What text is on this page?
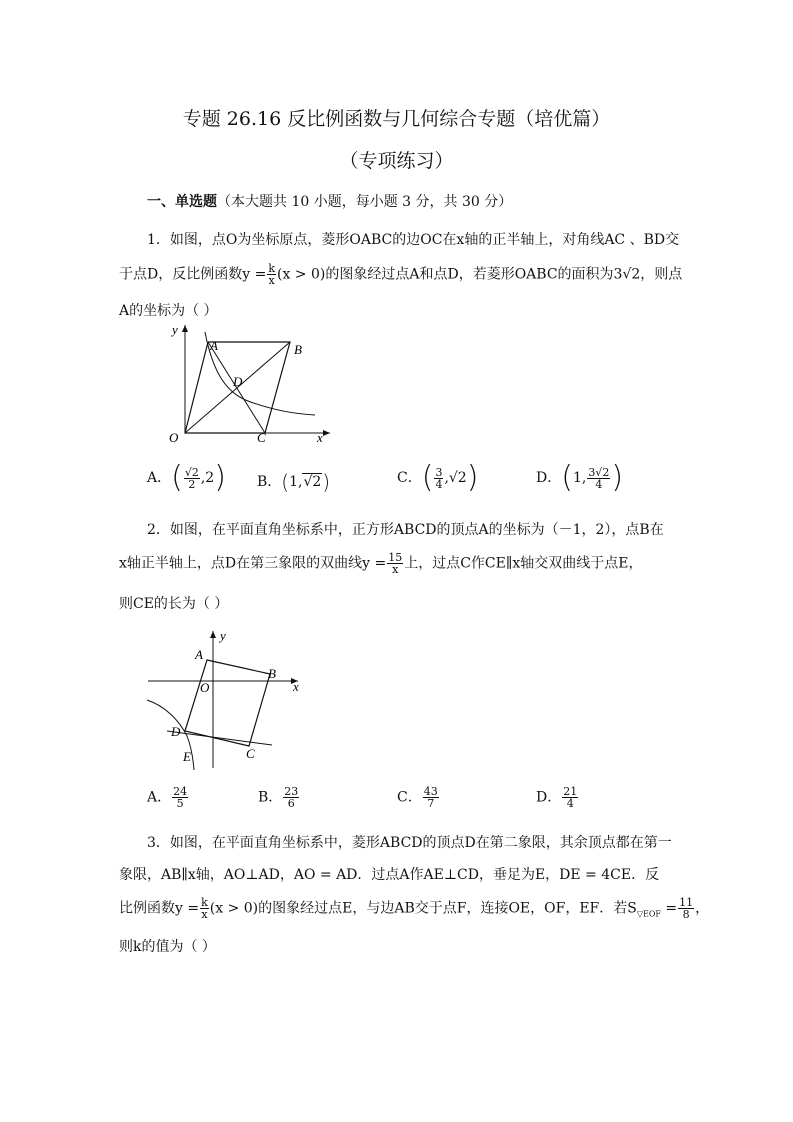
专题 26.16 反比例函数与几何综合专题（培优篇）
（专项练习）
一、单选题（本大题共 10 小题，每小题 3 分，共 30 分）
1．如图，点O为坐标原点，菱形OABC的边OC在x轴的正半轴上，对角线AC 、BD交
于点D，反比例函数$y = \frac{k}{x} (x > 0)$的图象经过点A和点D，若菱形OABC的面积为3√2，则点
A的坐标为（ ）
y
x
O
A	B
C
D
A．( $\frac{√2}{2} ,2$) B．(1,√2)	C．( $\frac{3}{4} ,√2$)	D．(1, $\frac{3√2}{4}$ )
2．如图，在平面直角坐标系中，正方形ABCD的顶点A的坐标为（－1，2），点B在
x轴正半轴上，点D在第三象限的双曲线$y = \frac{15}{x}$ 上，过点C作CE∥x轴交双曲线于点E，
则CE的长为（ ）
y
x
O
A
B
C
D
E
A． $\frac{24}{5}$	B． $\frac{23}{6}$	C． $\frac{43}{7}$	D． $\frac{21}{4}$
3．如图，在平面直角坐标系中，菱形ABCD的顶点D在第二象限，其余顶点都在第一
象限，AB∥x轴，AO⊥AD，AO = AD．过点A作AE⊥CD，垂足为E，DE = 4CE．反
比例函数$y = \frac{k}{x} (x > 0)$的图象经过点E，与边AB交于点F，连接OE，OF，EF．若$S_{▽EOF} = \frac{11}{8}$ ，
则k的值为（ ）
